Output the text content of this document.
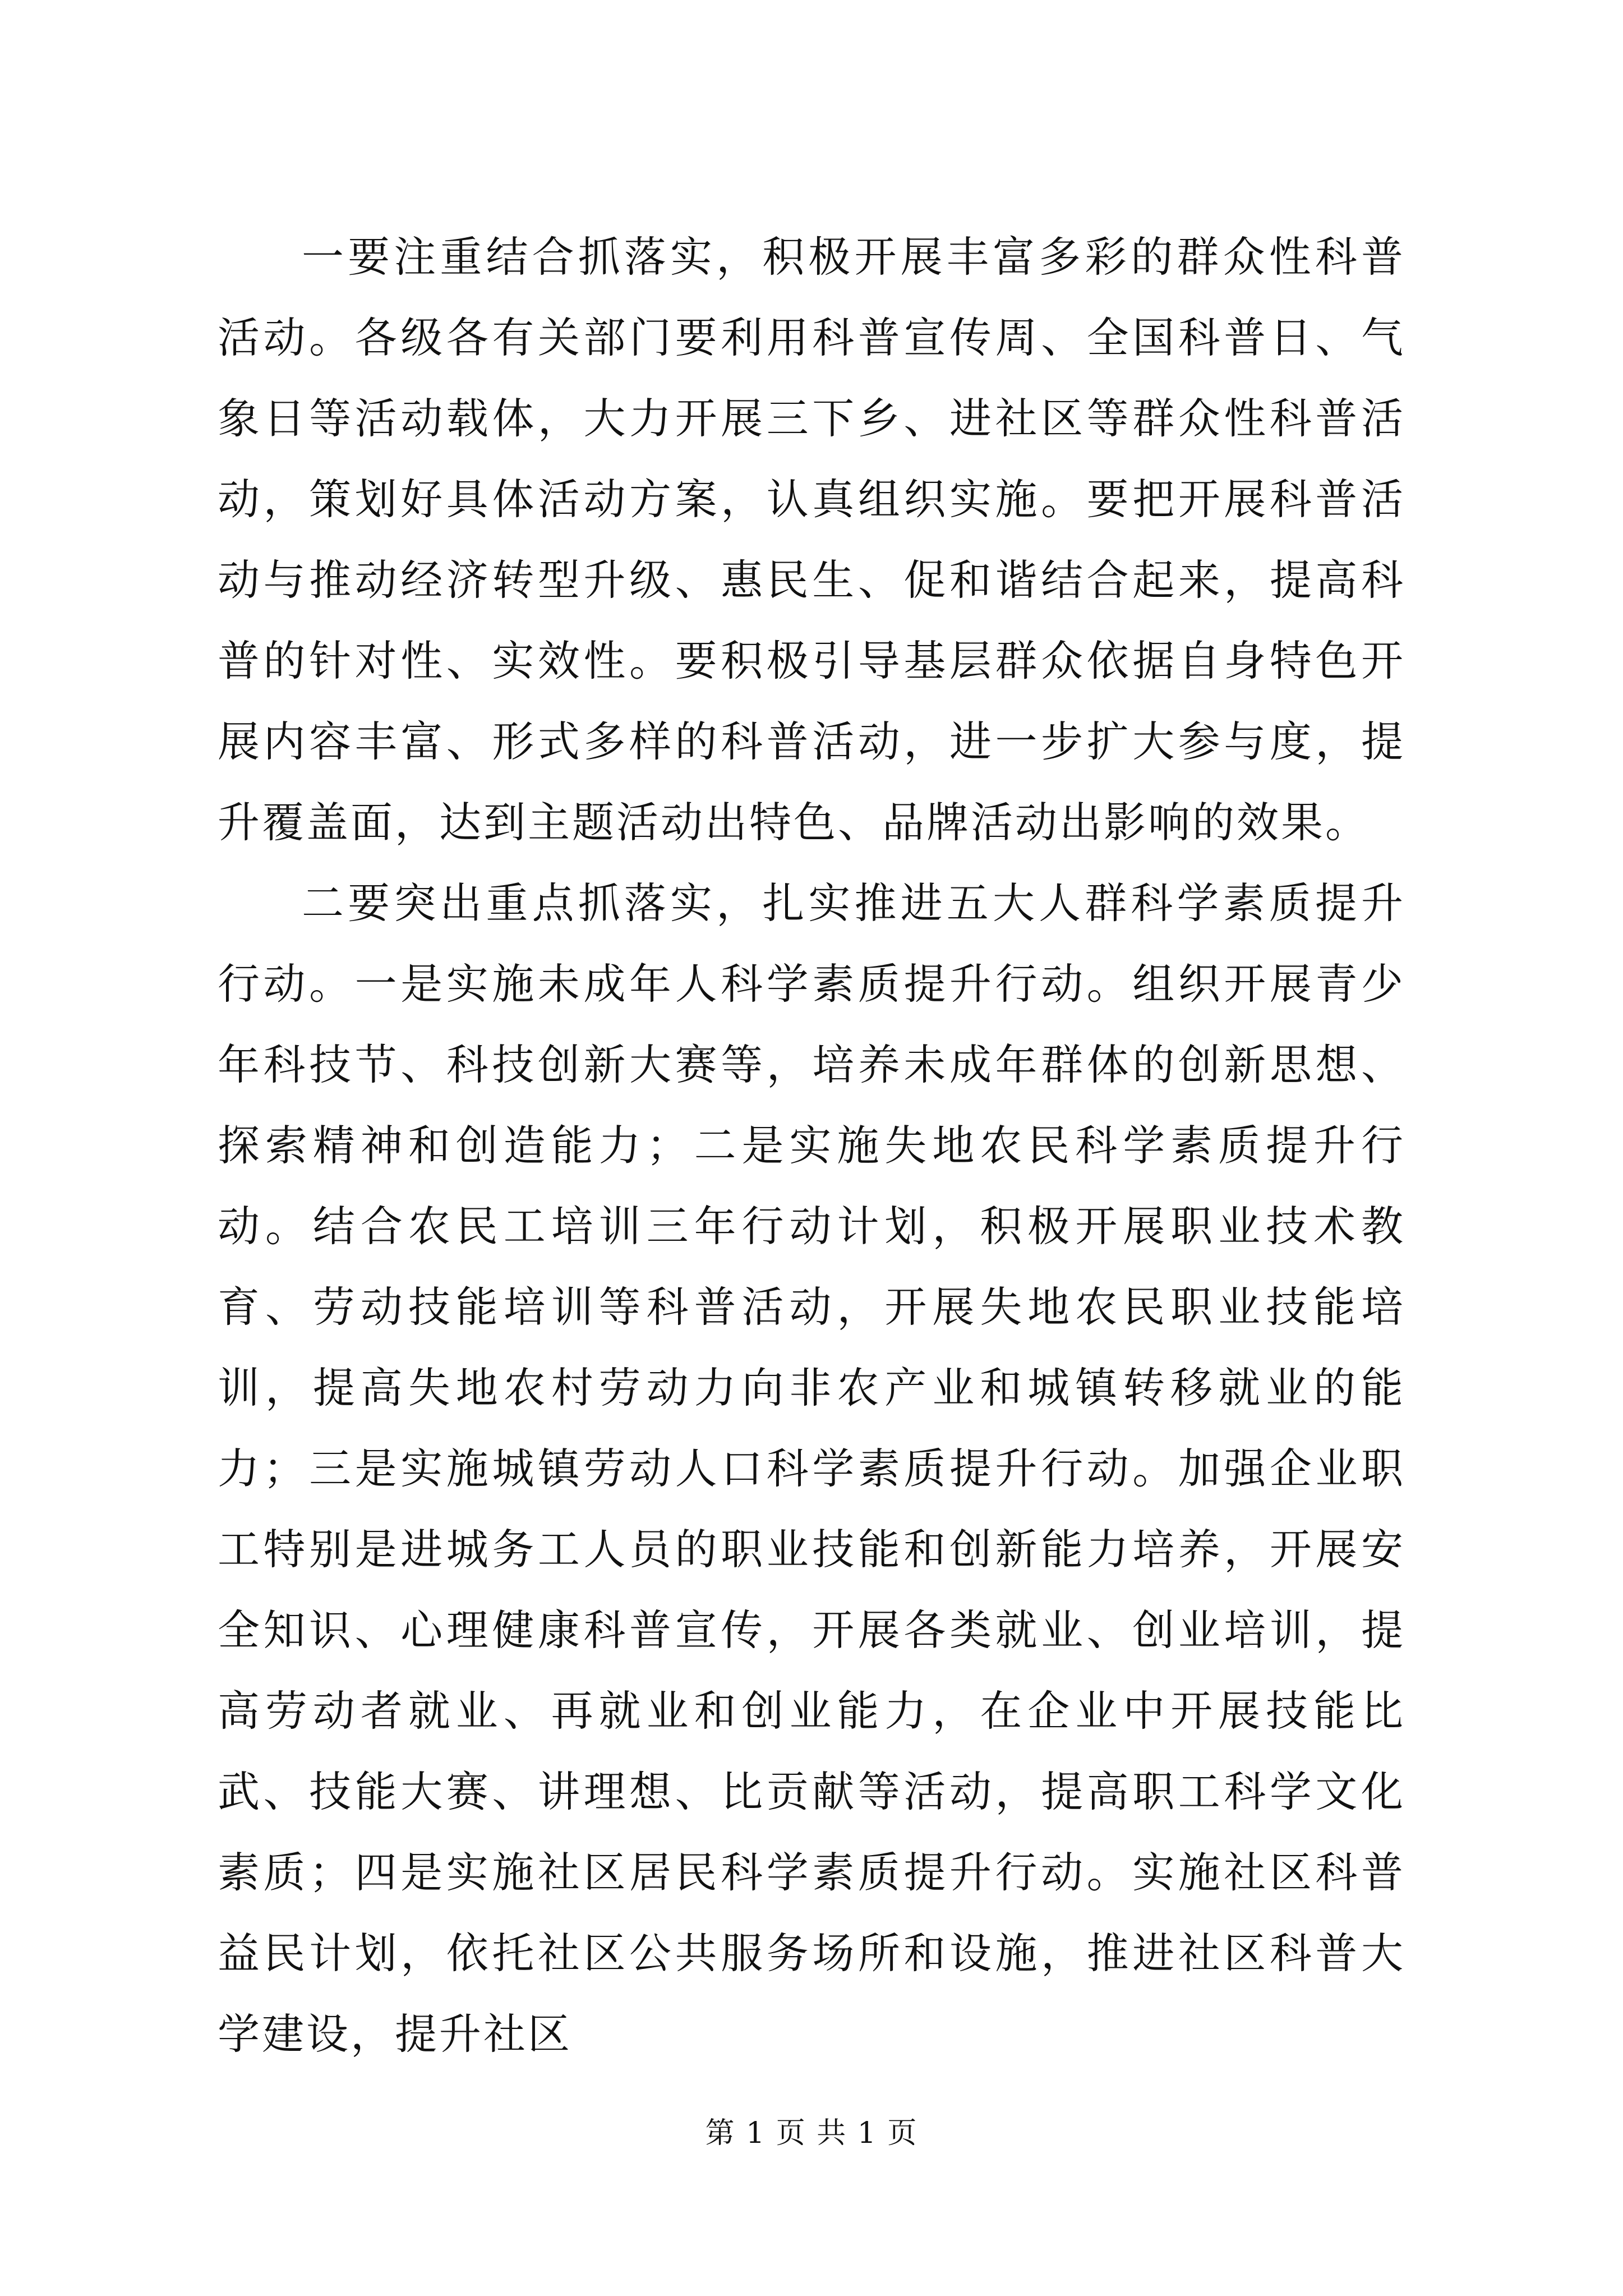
一要注重结合抓落实，积极开展丰富多彩的群众性科普活动。各级各有关部门要利用科普宣传周、全国科普日、气象日等活动载体，大力开展三下乡、进社区等群众性科普活动，策划好具体活动方案，认真组织实施。要把开展科普活动与推动经济转型升级、惠民生、促和谐结合起来，提高科普的针对性、实效性。要积极引导基层群众依据自身特色开展内容丰富、形式多样的科普活动，进一步扩大参与度，提升覆盖面，达到主题活动出特色、品牌活动出影响的效果。

二要突出重点抓落实，扎实推进五大人群科学素质提升行动。一是实施未成年人科学素质提升行动。组织开展青少年科技节、科技创新大赛等，培养未成年群体的创新思想、探索精神和创造能力；二是实施失地农民科学素质提升行动。结合农民工培训三年行动计划，积极开展职业技术教育、劳动技能培训等科普活动，开展失地农民职业技能培训，提高失地农村劳动力向非农产业和城镇转移就业的能力；三是实施城镇劳动人口科学素质提升行动。加强企业职工特别是进城务工人员的职业技能和创新能力培养，开展安全知识、心理健康科普宣传，开展各类就业、创业培训，提高劳动者就业、再就业和创业能力，在企业中开展技能比武、技能大赛、讲理想、比贡献等活动，提高职工科学文化素质；四是实施社区居民科学素质提升行动。实施社区科普益民计划，依托社区公共服务场所和设施，推进社区科普大学建设，提升社区

第 1 页 共 1 页
